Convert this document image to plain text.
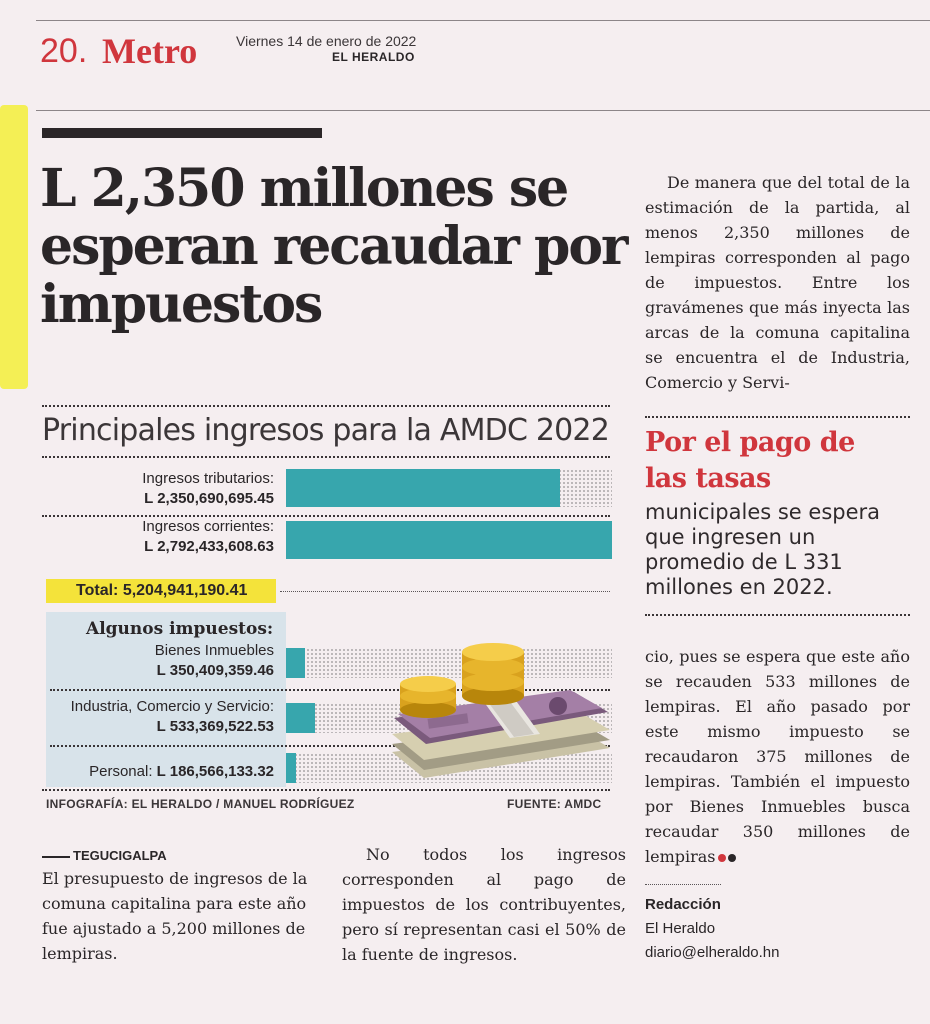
20. Metro	Viernes 14 de enero de 2022
EL HERALDO
L 2,350 millones se esperan recaudar por impuestos
Principales ingresos para la AMDC 2022
Ingresos tributarios:
L 2,350,690,695.45
Ingresos corrientes:
L 2,792,433,608.63
Total: 5,204,941,190.41
Algunos impuestos:
Bienes Inmuebles
L 350,409,359.46
Industria, Comercio y Servicio:
L 533,369,522.53
Personal: L 186,566,133.32
INFOGRAFÍA: EL HERALDO / MANUEL RODRÍGUEZ	FUENTE: AMDC
TEGUCIGALPA
El presupuesto de ingresos de la comuna capitalina para este año fue ajustado a 5,200 millones de lempiras.
No todos los ingresos corresponden al pago de impuestos de los contribuyentes, pero sí representan casi el 50% de la fuente de ingresos.
De manera que del total de la estimación de la partida, al menos 2,350 millones de lempiras corresponden al pago de impuestos. Entre los gravámenes que más inyecta las arcas de la comuna capitalina se encuentra el de Industria, Comercio y Servi-
Por el pago de las tasas
municipales se espera que ingresen un promedio de L 331 millones en 2022.
cio, pues se espera que este año se recauden 533 millones de lempiras. El año pasado por este mismo impuesto se recaudaron 375 millones de lempiras. También el impuesto por Bienes Inmuebles busca recaudar 350 millones de lempiras
Redacción
El Heraldo
diario@elheraldo.hn
